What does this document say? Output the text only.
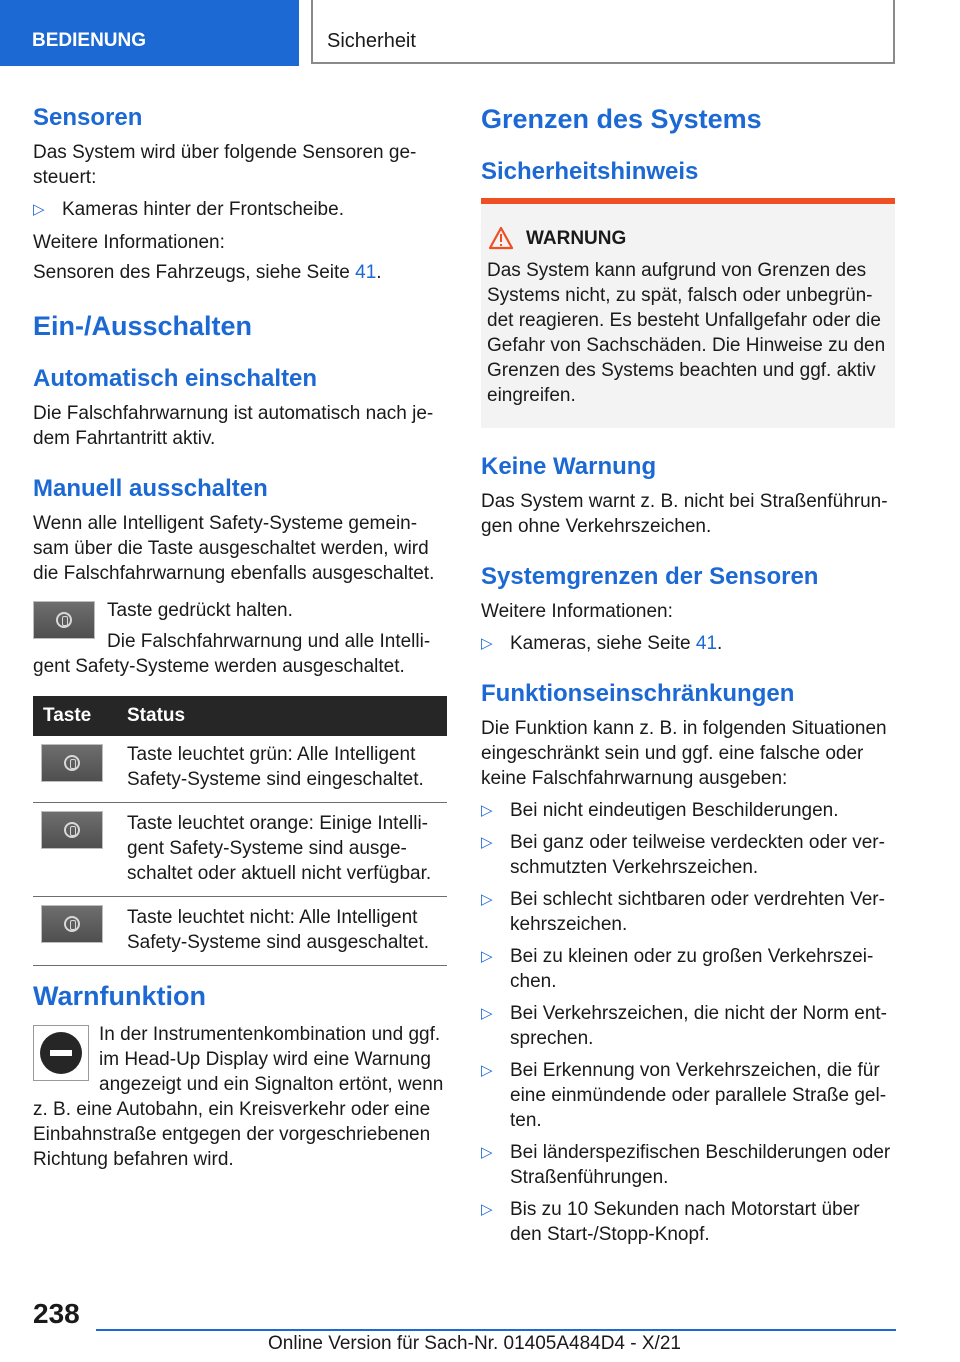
BEDIENUNG	Sicherheit
Sensoren

Das System wird über folgende Sensoren ge-

steuert:

▷ Kameras hinter der Frontscheibe.

Weitere Informationen:

Sensoren des Fahrzeugs, siehe Seite 41.

Ein-/Ausschalten
Automatisch einschalten

Die Falschfahrwarnung ist automatisch nach je-

dem Fahrtantritt aktiv.

Manuell ausschalten

Wenn alle Intelligent Safety-Systeme gemein-

sam über die Taste ausgeschaltet werden, wird

die Falschfahrwarnung ebenfalls ausgeschaltet.

Taste gedrückt halten.

Die Falschfahrwarnung und alle Intelli-

gent Safety-Systeme werden ausgeschaltet.

Taste	Status

	Taste leuchtet grün: Alle Intelligent
Safety-Systeme sind eingeschaltet.

	Taste leuchtet orange: Einige Intelli-
gent Safety-Systeme sind ausge-
schaltet oder aktuell nicht verfügbar.

	Taste leuchtet nicht: Alle Intelligent
Safety-Systeme sind ausgeschaltet.
Warnfunktion

In der Instrumentenkombination und ggf.

im Head-Up Display wird eine Warnung

angezeigt und ein Signalton ertönt, wenn

z. B. eine Autobahn, ein Kreisverkehr oder eine

Einbahnstraße entgegen der vorgeschriebenen

Richtung befahren wird.

Grenzen des Systems
Sicherheitshinweis
WARNUNG

Das System kann aufgrund von Grenzen des

Systems nicht, zu spät, falsch oder unbegrün-

det reagieren. Es besteht Unfallgefahr oder die

Gefahr von Sachschäden. Die Hinweise zu den

Grenzen des Systems beachten und ggf. aktiv

eingreifen.

Keine Warnung

Das System warnt z. B. nicht bei Straßenführun-

gen ohne Verkehrszeichen.

Systemgrenzen der Sensoren

Weitere Informationen:

▷ Kameras, siehe Seite 41.
Funktionseinschränkungen

Die Funktion kann z. B. in folgenden Situationen

eingeschränkt sein und ggf. eine falsche oder

keine Falschfahrwarnung ausgeben:

▷ Bei nicht eindeutigen Beschilderungen.
▷ Bei ganz oder teilweise verdeckten oder ver-
schmutzten Verkehrszeichen.
▷ Bei schlecht sichtbaren oder verdrehten Ver-
kehrszeichen.
▷ Bei zu kleinen oder zu großen Verkehrszei-
chen.
▷ Bei Verkehrszeichen, die nicht der Norm ent-
sprechen.
▷ Bei Erkennung von Verkehrszeichen, die für
eine einmündende oder parallele Straße gel-
ten.
▷ Bei länderspezifischen Beschilderungen oder
Straßenführungen.
▷ Bis zu 10 Sekunden nach Motorstart über
den Start-/Stopp-Knopf.
238
Online Version für Sach-Nr. 01405A484D4 - X/21
